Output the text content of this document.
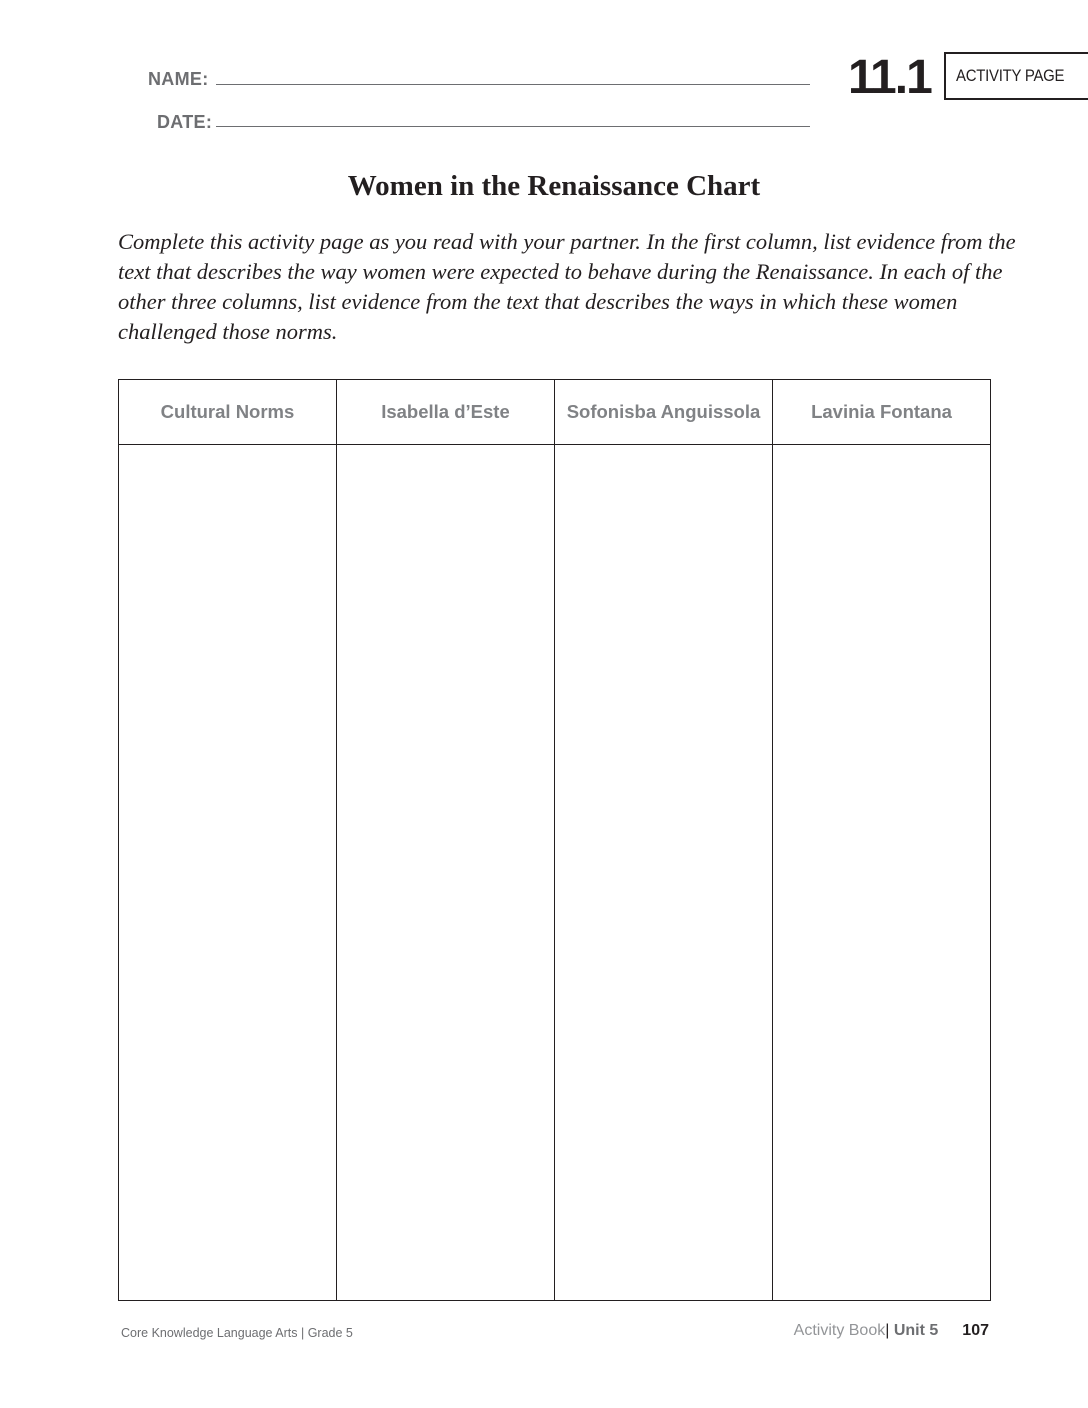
NAME:
DATE:
11.1 ACTIVITY PAGE
Women in the Renaissance Chart

Complete this activity page as you read with your partner. In the first column, list evidence from the text that describes the way women were expected to behave during the Renaissance. In each of the other three columns, list evidence from the text that describes the ways in which these women challenged those norms.

Cultural Norms	Isabella d’Este	Sofonisba Anguissola	Lavinia Fontana
Core Knowledge Language Arts | Grade 5	Activity Book| Unit 5 107
